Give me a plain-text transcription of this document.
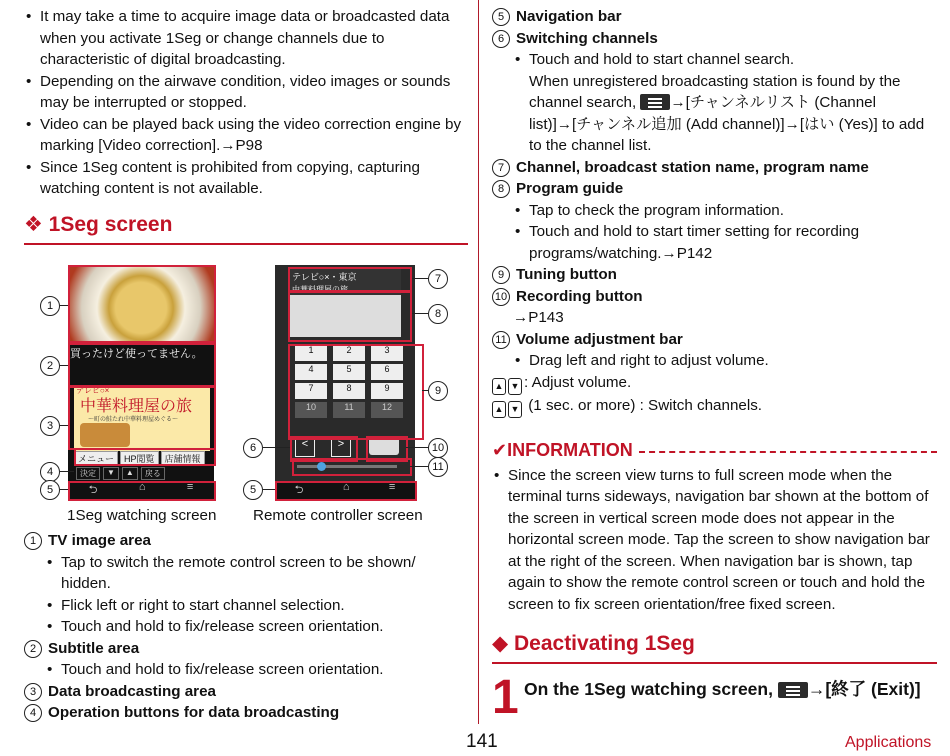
• It may take a time to acquire image data or broadcasted data when you activate 1Seg or change channels due to characteristic of digital broadcasting.
• Depending on the airwave condition, video images or sounds may be interrupted or stopped.
• Video can be played back using the video correction engine by marking [Video correction].→P98
• Since 1Seg content is prohibited from copying, capturing watching content is not available.
❖ 1Seg screen
買ったけど使ってません。
テレビ○×
中華料理屋の旅
〜町の鮭たれ中華料理屋めぐる〜
メニュー	HP閲覧	店舗情報
決定	▼	▲	戻る
⮌	⌂	≡
1
2
3
4
5
テレビ○×・東京
中華料理屋の旅
1	2	3
4	5	6
7	8	9
10	11	12
<	>
⮌	⌂	≡
7
8
9
6	10
11
5
1Seg watching screen Remote controller screen
1 TV image area
• Tap to switch the remote control screen to be shown/ hidden.
• Flick left or right to start channel selection.
• Touch and hold to fix/release screen orientation.
2 Subtitle area
• Touch and hold to fix/release screen orientation.
3 Data broadcasting area
4 Operation buttons for data broadcasting
5 Navigation bar
6 Switching channels
• Touch and hold to start channel search.
When unregistered broadcasting station is found by the channel search, →[チャンネルリスト (Channel list)]→[チャンネル追加 (Add channel)]→[はい (Yes)] to add to the channel list.
7 Channel, broadcast station name, program name
8 Program guide
• Tap to check the program information.
• Touch and hold to start timer setting for recording programs/watching.→P142
9 Tuning button
10 Recording button
→P143
11 Volume adjustment bar
• Drag left and right to adjust volume.
▲ ▼ : Adjust volume.
▲ ▼ (1 sec. or more) : Switch channels.
✔INFORMATION
• Since the screen view turns to full screen mode when the terminal turns sideways, navigation bar shown at the bottom of the screen in vertical screen mode does not appear in the horizontal screen mode. Tap the screen to show navigation bar at the right of the screen. When navigation bar is shown, tap again to show the remote control screen or touch and hold the screen to fix screen orientation/free fixed screen.
◆ Deactivating 1Seg
1 On the 1Seg watching screen, →[終了 (Exit)]
141	Applications
